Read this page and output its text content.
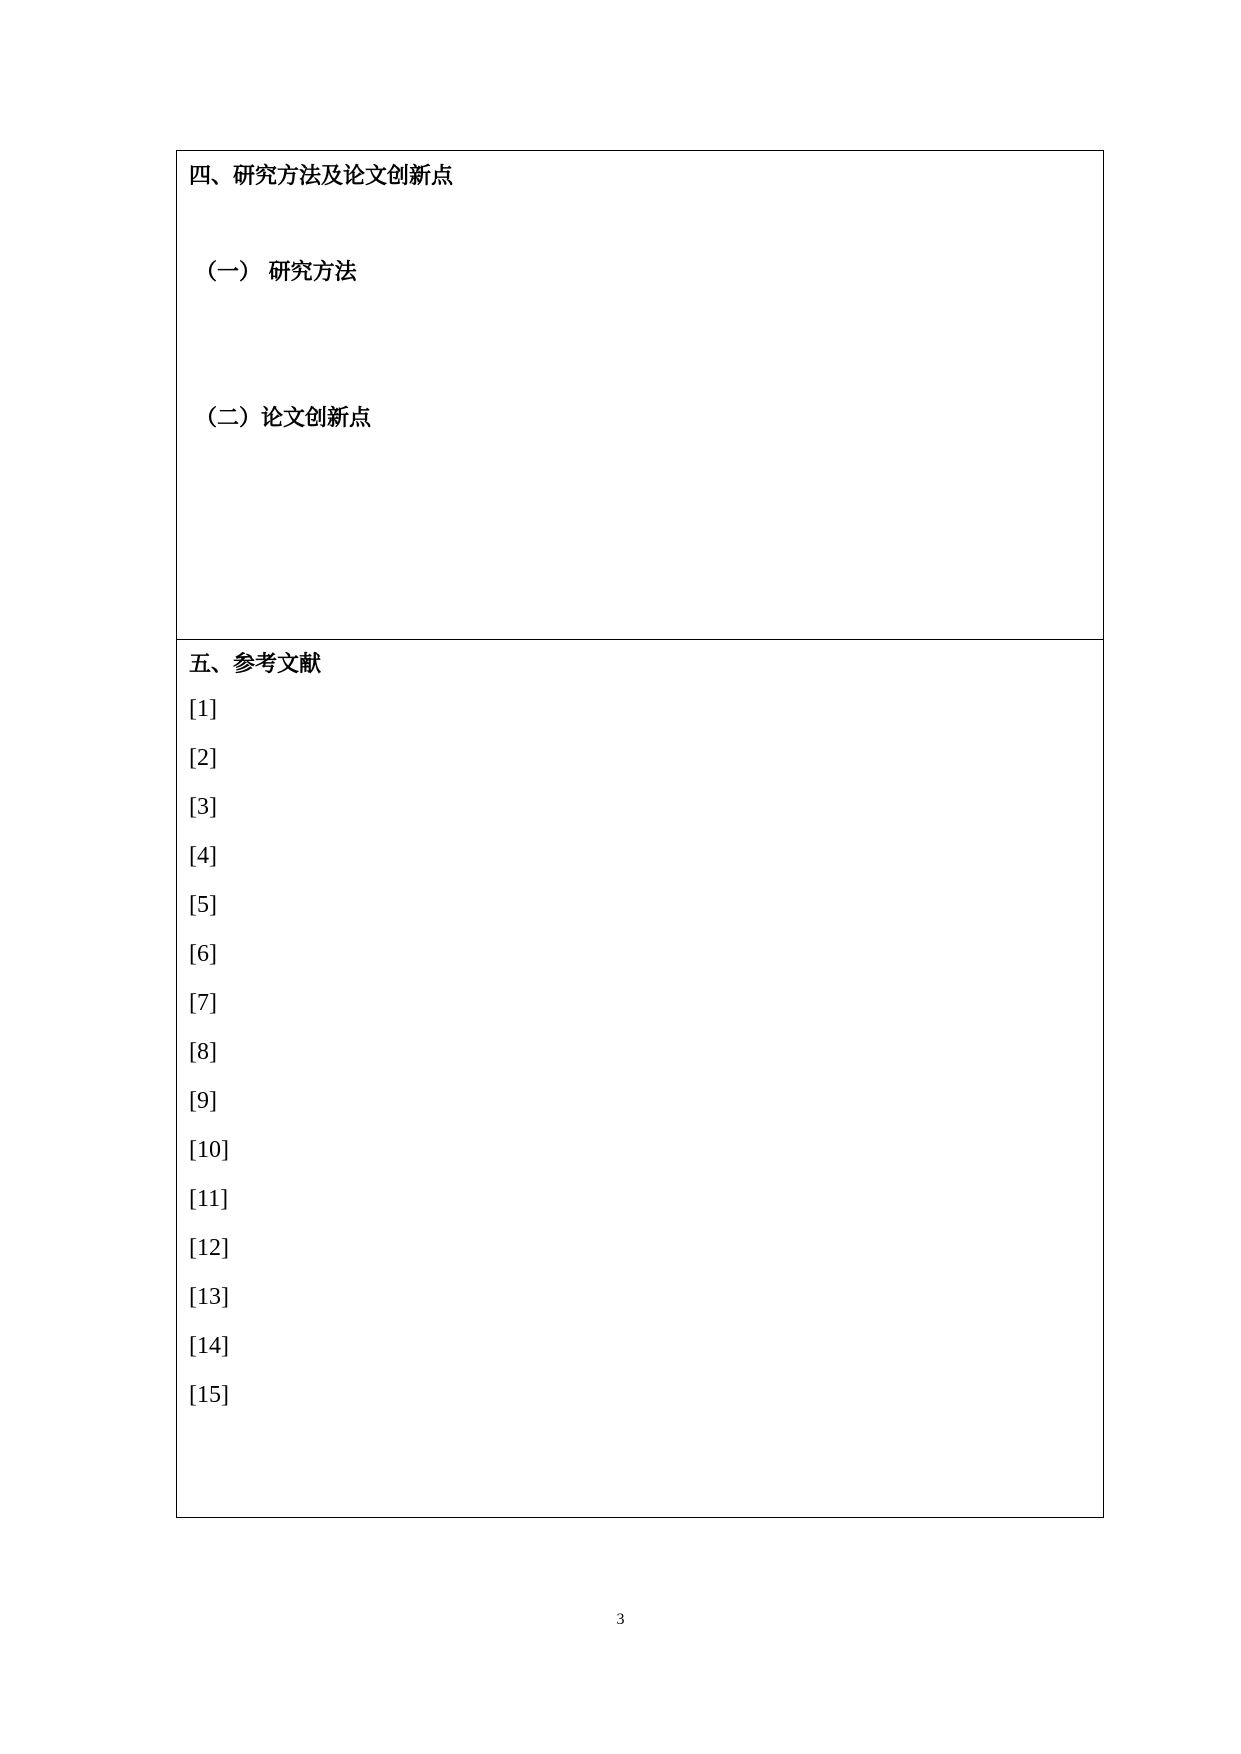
四、研究方法及论文创新点
（一） 研究方法
（二）论文创新点
五、参考文献
[1]
[2]
[3]
[4]
[5]
[6]
[7]
[8]
[9]
[10]
[11]
[12]
[13]
[14]
[15]
3
